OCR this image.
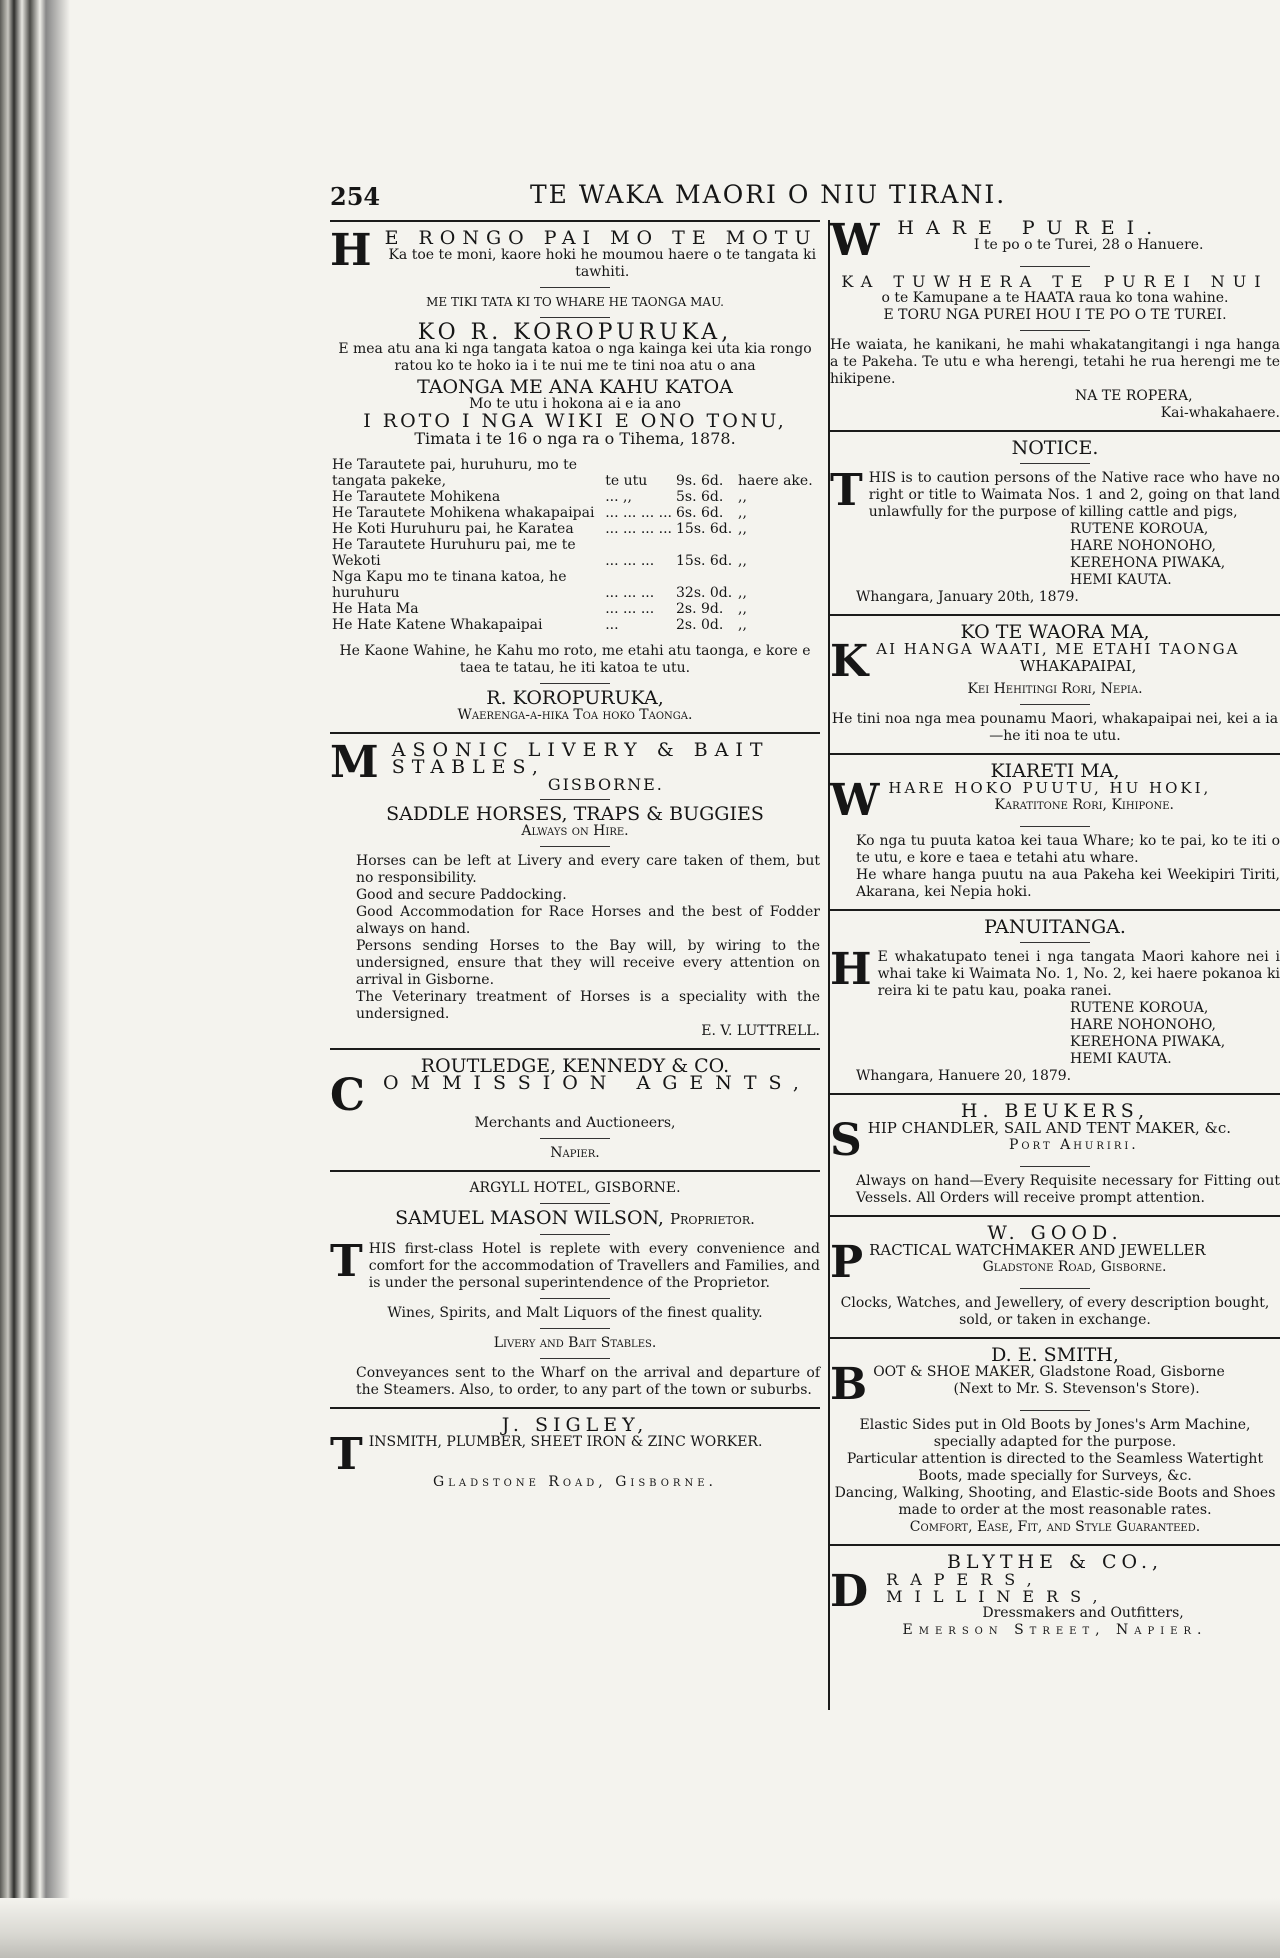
254	TE WAKA MAORI O NIU TIRANI.
H E RONGO PAI MO TE MOTU
Ka toe te moni, kaore hoki he moumou haere o te tangata ki tawhiti.
ME TIKI TATA KI TO WHARE HE TAONGA MAU.
KO R. KOROPURUKA,
E mea atu ana ki nga tangata katoa o nga kainga kei uta kia rongo ratou ko te hoko ia i te nui me te tini noa atu o ana
TAONGA ME ANA KAHU KATOA
Mo te utu i hokona ai e ia ano
I ROTO I NGA WIKI E ONO TONU,
Timata i te 16 o nga ra o Tihema, 1878.
He Tarautete pai, huruhuru, mo te tangata pakeke,	te utu	9s. 6d.	haere ake.
He Tarautete Mohikena	... ,,	5s. 6d.	,,
He Tarautete Mohikena whakapaipai	... ... ... ...	6s. 6d.	,,
He Koti Huruhuru pai, he Karatea	... ... ... ...	15s. 6d.	,,
He Tarautete Huruhuru pai, me te Wekoti	... ... ...	15s. 6d.	,,
Nga Kapu mo te tinana katoa, he huruhuru	... ... ...	32s. 0d.	,,
He Hata Ma	... ... ...	2s. 9d.	,,
He Hate Katene Whakapaipai	...	2s. 0d.	,,
He Kaone Wahine, he Kahu mo roto, me etahi atu taonga, e kore e taea te tatau, he iti katoa te utu.
R. KOROPURUKA,
Waerenga-a-hika Toa hoko Taonga.
MASONIC LIVERY & BAIT STABLES,
GISBORNE.
SADDLE HORSES, TRAPS & BUGGIES
Always on Hire.
Horses can be left at Livery and every care taken of them, but no responsibility.
Good and secure Paddocking.
Good Accommodation for Race Horses and the best of Fodder always on hand.
Persons sending Horses to the Bay will, by wiring to the undersigned, ensure that they will receive every attention on arrival in Gisborne.
The Veterinary treatment of Horses is a speciality with the undersigned.
E. V. LUTTRELL.
ROUTLEDGE, KENNEDY & CO.
COMMISSION AGENTS,
Merchants and Auctioneers,
Napier.
ARGYLL HOTEL, GISBORNE.
SAMUEL MASON WILSON, Proprietor.
THIS first-class Hotel is replete with every convenience and comfort for the accommodation of Travellers and Families, and is under the personal superintendence of the Proprietor.
Wines, Spirits, and Malt Liquors of the finest quality.
Livery and Bait Stables.
Conveyances sent to the Wharf on the arrival and departure of the Steamers. Also, to order, to any part of the town or suburbs.
J. SIGLEY,
TINSMITH, PLUMBER, SHEET IRON & ZINC WORKER.
Gladstone Road, Gisborne.
WHARE PUREI.
I te po o te Turei, 28 o Hanuere.
KA TUWHERA TE PUREI NUI
o te Kamupane a te HAATA raua ko tona wahine.
E TORU NGA PUREI HOU I TE PO O TE TUREI.
He waiata, he kanikani, he mahi whakatangitangi i nga hanga a te Pakeha. Te utu e wha herengi, tetahi he rua herengi me te hikipene.
NA TE ROPERA,
Kai-whakahaere.
NOTICE.
THIS is to caution persons of the Native race who have no right or title to Waimata Nos. 1 and 2, going on that land unlawfully for the purpose of killing cattle and pigs,
RUTENE KOROUA,
HARE NOHONOHO,
KEREHONA PIWAKA,
HEMI KAUTA.
Whangara, January 20th, 1879.
KO TE WAORA MA,
KAI HANGA WAATI, ME ETAHI TAONGA
WHAKAPAIPAI,
Kei Hehitingi Rori, Nepia.
He tini noa nga mea pounamu Maori, whakapaipai nei, kei a ia—he iti noa te utu.
KIARETI MA,
WHARE HOKO PUUTU, HU HOKI,
Karatitone Rori, Kihipone.
Ko nga tu puuta katoa kei taua Whare; ko te pai, ko te iti o te utu, e kore e taea e tetahi atu whare.
He whare hanga puutu na aua Pakeha kei Weekipiri Tiriti, Akarana, kei Nepia hoki.
PANUITANGA.
H E whakatupato tenei i nga tangata Maori kahore nei i whai take ki Waimata No. 1, No. 2, kei haere pokanoa ki reira ki te patu kau, poaka ranei.
RUTENE KOROUA,
HARE NOHONOHO,
KEREHONA PIWAKA,
HEMI KAUTA.
Whangara, Hanuere 20, 1879.
H. BEUKERS,
SHIP CHANDLER, SAIL AND TENT MAKER, &c.
Port Ahuriri.
Always on hand—Every Requisite necessary for Fitting out Vessels. All Orders will receive prompt attention.
W. GOOD.
PRACTICAL WATCHMAKER AND JEWELLER
Gladstone Road, Gisborne.
Clocks, Watches, and Jewellery, of every description bought, sold, or taken in exchange.
D. E. SMITH,
BOOT & SHOE MAKER, Gladstone Road, Gisborne
(Next to Mr. S. Stevenson's Store).
Elastic Sides put in Old Boots by Jones's Arm Machine, specially adapted for the purpose.
Particular attention is directed to the Seamless Watertight Boots, made specially for Surveys, &c.
Dancing, Walking, Shooting, and Elastic-side Boots and Shoes made to order at the most reasonable rates.
Comfort, Ease, Fit, and Style Guaranteed.
BLYTHE & CO.,
DRAPERS, MILLINERS,
Dressmakers and Outfitters,
Emerson Street, Napier.
